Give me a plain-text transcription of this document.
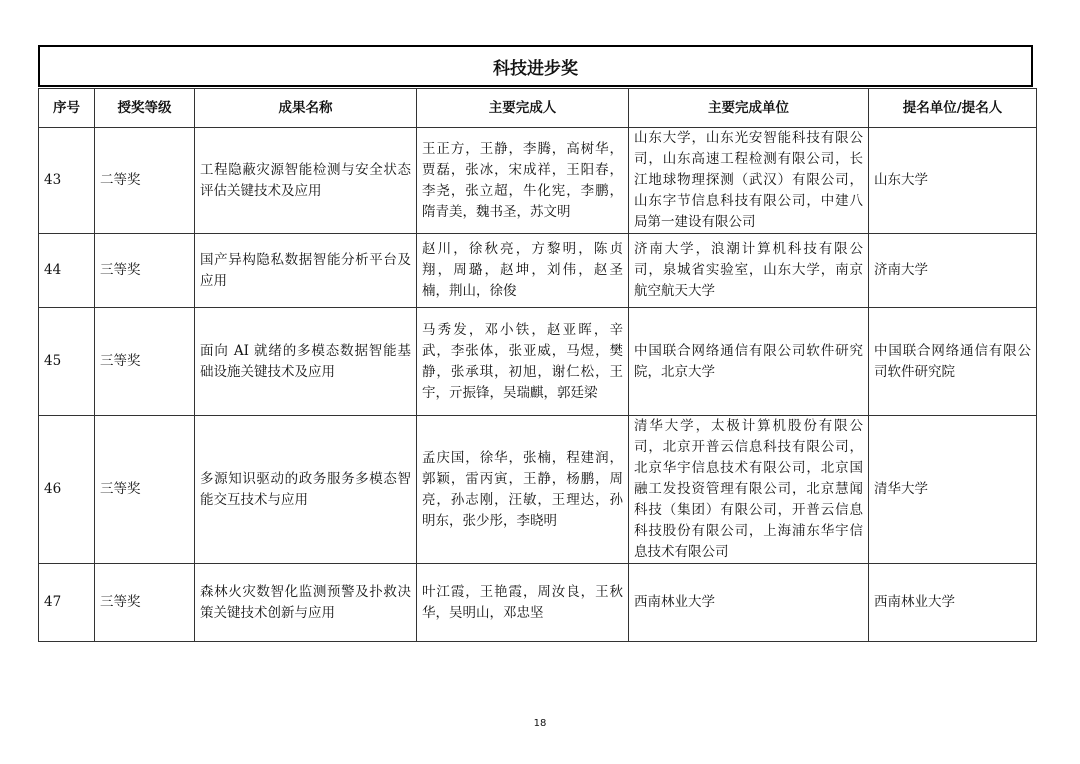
科技进步奖
序号	授奖等级	成果名称	主要完成人	主要完成单位	提名单位/提名人
43	二等奖	工程隐蔽灾源智能检测与安全状态评估关键技术及应用	王正方，王静，李腾，高树华，贾磊，张冰，宋成祥，王阳春，李尧，张立超，牛化宪，李鹏，隋青美，魏书圣，苏文明	山东大学，山东光安智能科技有限公司，山东高速工程检测有限公司，长江地球物理探测（武汉）有限公司，山东字节信息科技有限公司，中建八局第一建设有限公司	山东大学
44	三等奖	国产异构隐私数据智能分析平台及应用	赵川，徐秋亮，方黎明，陈贞翔，周璐，赵坤，刘伟，赵圣楠，荆山，徐俊	济南大学，浪潮计算机科技有限公司，泉城省实验室，山东大学，南京航空航天大学	济南大学
45	三等奖	面向 AI 就绪的多模态数据智能基础设施关键技术及应用	马秀发，邓小铁，赵亚晖，辛武，李张体，张亚威，马煜，樊静，张承琪，初旭，谢仁松，王宇，亓振锋，吴瑞麒，郭廷梁	中国联合网络通信有限公司软件研究院，北京大学	中国联合网络通信有限公司软件研究院
46	三等奖	多源知识驱动的政务服务多模态智能交互技术与应用	孟庆国，徐华，张楠，程建润，郭颖，雷丙寅，王静，杨鹏，周亮，孙志刚，汪敏，王理达，孙明东，张少彤，李晓明	清华大学，太极计算机股份有限公司，北京开普云信息科技有限公司，北京华宇信息技术有限公司，北京国融工发投资管理有限公司，北京慧闻科技（集团）有限公司，开普云信息科技股份有限公司，上海浦东华宇信息技术有限公司	清华大学
47	三等奖	森林火灾数智化监测预警及扑救决策关键技术创新与应用	叶江霞，王艳霞，周汝良，王秋华，吴明山，邓忠坚	西南林业大学	西南林业大学
18
